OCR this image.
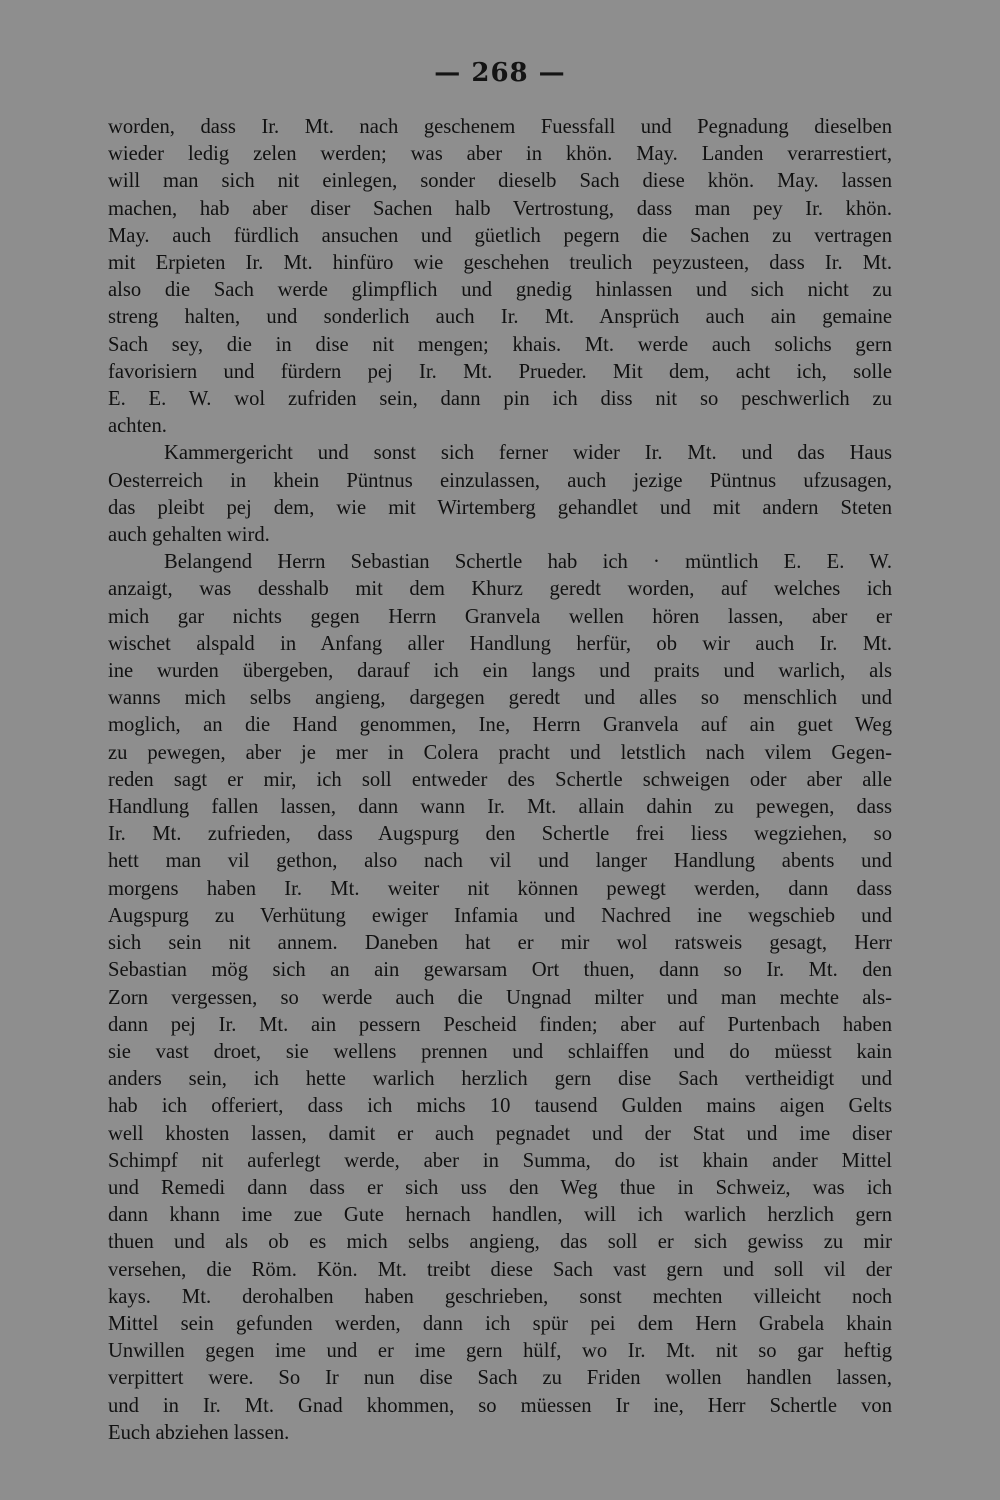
— 268 —
worden, dass Ir. Mt. nach geschenem Fuessfall und Pegnadung dieselben
wieder ledig zelen werden; was aber in khön. May. Landen verarrestiert,
will man sich nit einlegen, sonder dieselb Sach diese khön. May. lassen
machen, hab aber diser Sachen halb Vertrostung, dass man pey Ir. khön.
May. auch fürdlich ansuchen und güetlich pegern die Sachen zu vertragen
mit Erpieten Ir. Mt. hinfüro wie geschehen treulich peyzusteen, dass Ir. Mt.
also die Sach werde glimpflich und gnedig hinlassen und sich nicht zu
streng halten, und sonderlich auch Ir. Mt. Ansprüch auch ain gemaine
Sach sey, die in dise nit mengen; khais. Mt. werde auch solichs gern
favorisiern und fürdern pej Ir. Mt. Prueder. Mit dem, acht ich, solle
E. E. W. wol zufriden sein, dann pin ich diss nit so peschwerlich zu
achten.
Kammergericht und sonst sich ferner wider Ir. Mt. und das Haus
Oesterreich in khein Püntnus einzulassen, auch jezige Püntnus ufzusagen,
das pleibt pej dem, wie mit Wirtemberg gehandlet und mit andern Steten
auch gehalten wird.
Belangend Herrn Sebastian Schertle hab ich · müntlich E. E. W.
anzaigt, was desshalb mit dem Khurz geredt worden, auf welches ich
mich gar nichts gegen Herrn Granvela wellen hören lassen, aber er
wischet alspald in Anfang aller Handlung herfür, ob wir auch Ir. Mt.
ine wurden übergeben, darauf ich ein langs und praits und warlich, als
wanns mich selbs angieng, dargegen geredt und alles so menschlich und
moglich, an die Hand genommen, Ine, Herrn Granvela auf ain guet Weg
zu pewegen, aber je mer in Colera pracht und letstlich nach vilem Gegen-
reden sagt er mir, ich soll entweder des Schertle schweigen oder aber alle
Handlung fallen lassen, dann wann Ir. Mt. allain dahin zu pewegen, dass
Ir. Mt. zufrieden, dass Augspurg den Schertle frei liess wegziehen, so
hett man vil gethon, also nach vil und langer Handlung abents und
morgens haben Ir. Mt. weiter nit können pewegt werden, dann dass
Augspurg zu Verhütung ewiger Infamia und Nachred ine wegschieb und
sich sein nit annem. Daneben hat er mir wol ratsweis gesagt, Herr
Sebastian mög sich an ain gewarsam Ort thuen, dann so Ir. Mt. den
Zorn vergessen, so werde auch die Ungnad milter und man mechte als-
dann pej Ir. Mt. ain pessern Pescheid finden; aber auf Purtenbach haben
sie vast droet, sie wellens prennen und schlaiffen und do müesst kain
anders sein, ich hette warlich herzlich gern dise Sach vertheidigt und
hab ich offeriert, dass ich michs 10 tausend Gulden mains aigen Gelts
well khosten lassen, damit er auch pegnadet und der Stat und ime diser
Schimpf nit auferlegt werde, aber in Summa, do ist khain ander Mittel
und Remedi dann dass er sich uss den Weg thue in Schweiz, was ich
dann khann ime zue Gute hernach handlen, will ich warlich herzlich gern
thuen und als ob es mich selbs angieng, das soll er sich gewiss zu mir
versehen, die Röm. Kön. Mt. treibt diese Sach vast gern und soll vil der
kays. Mt. derohalben haben geschrieben, sonst mechten villeicht noch
Mittel sein gefunden werden, dann ich spür pei dem Hern Grabela khain
Unwillen gegen ime und er ime gern hülf, wo Ir. Mt. nit so gar heftig
verpittert were. So Ir nun dise Sach zu Friden wollen handlen lassen,
und in Ir. Mt. Gnad khommen, so müessen Ir ine, Herr Schertle von
Euch abziehen lassen.
